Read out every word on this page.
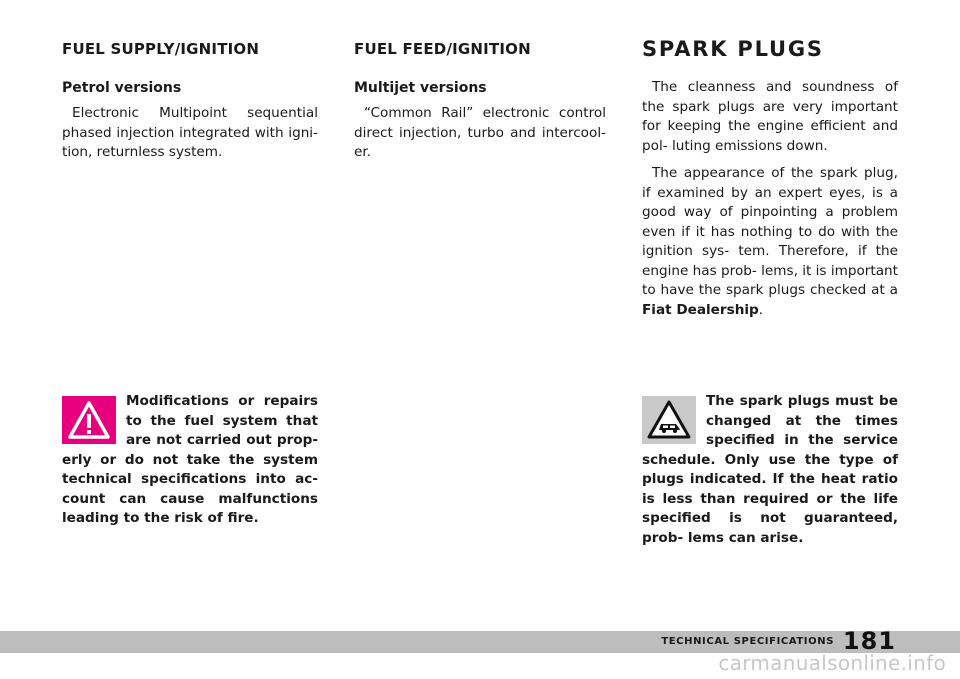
FUEL SUPPLY/IGNITION
Petrol versions

Electronic Multipoint sequential phased injection integrated with igni- tion, returnless system.

FUEL FEED/IGNITION
Multijet versions

“Common Rail” electronic control direct injection, turbo and intercool- er.

SPARK PLUGS

The cleanness and soundness of the spark plugs are very important for keeping the engine efficient and pol- luting emissions down.

The appearance of the spark plug, if examined by an expert eyes, is a good way of pinpointing a problem even if it has nothing to do with the ignition sys- tem. Therefore, if the engine has prob- lems, it is important to have the spark plugs checked at a Fiat Dealership.

Modifications or repairs to the fuel system that are not carried out prop- erly or do not take the system technical specifications into ac- count can cause malfunctions leading to the risk of fire.
The spark plugs must be changed at the times specified in the service schedule. Only use the type of plugs indicated. If the heat ratio is less than required or the life specified is not guaranteed, prob- lems can arise.
TECHNICAL SPECIFICATIONS 181
carmanualsonline.info
